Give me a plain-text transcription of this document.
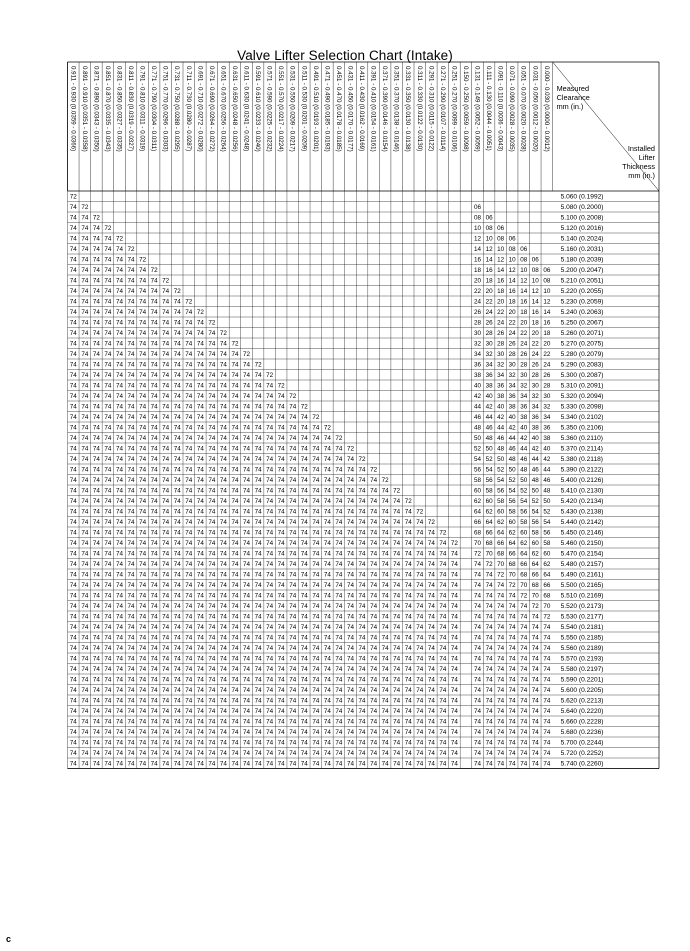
Valve Lifter Selection Chart (Intake)
0.000 - 0.030 (0.0000 - 0.0012)
0.031 - 0.050 (0.0012 - 0.0020)
0.051 - 0.070 (0.0020 - 0.0028)
0.071 - 0.090 (0.0028 - 0.0035)
0.091 - 0.110 (0.0036 - 0.0043)
0.111 - 0.130 (0.0044 - 0.0051)
0.131 - 0.149 (0.0052 - 0.0059)
0.150 - 0.250 (0.0059 - 0.0098)
0.251 - 0.270 (0.0099 - 0.0106)
0.271 - 0.290 (0.0107 - 0.0114)
0.291 - 0.310 (0.0115 - 0.0122)
0.311 - 0.330 (0.0122 - 0.0130)
0.331 - 0.350 (0.0130 - 0.0138)
0.351 - 0.370 (0.0138 - 0.0146)
0.371 - 0.390 (0.0146 - 0.0154)
0.391 - 0.410 (0.0154 - 0.0161)
0.411 - 0.430 (0.0162 - 0.0169)
0.431 - 0.450 (0.0170 - 0.0177)
0.451 - 0.470 (0.0178 - 0.0185)
0.471 - 0.490 (0.0185 - 0.0193)
0.491 - 0.510 (0.0193 - 0.0201)
0.511 - 0.530 (0.0201 - 0.0209)
0.531 - 0.550 (0.0209 - 0.0217)
0.551 - 0.570 (0.0217 - 0.0224)
0.571 - 0.590 (0.0225 - 0.0232)
0.591 - 0.610 (0.0233 - 0.0240)
0.611 - 0.630 (0.0241 - 0.0248)
0.631 - 0.650 (0.0248 - 0.0256)
0.651 - 0.670 (0.0256 - 0.0264)
0.671 - 0.690 (0.0264 - 0.0272)
0.691 - 0.710 (0.0272 - 0.0280)
0.711 - 0.730 (0.0280 - 0.0287)
0.731 - 0.750 (0.0288 - 0.0295)
0.751 - 0.770 (0.0296 - 0.0303)
0.771 - 0.790 (0.0304 - 0.0311)
0.791 - 0.810 (0.0311 - 0.0319)
0.811 - 0.830 (0.0319 - 0.0327)
0.831 - 0.850 (0.0327 - 0.0335)
0.851 - 0.870 (0.0335 - 0.0343)
0.871 - 0.890 (0.0343 - 0.0350)
0.891 - 0.910 (0.0351 - 0.0358)
0.911 - 0.930 (0.0359 - 0.0366)
5.060 (0.1992)
5.080 (0.2000)
5.100 (0.2008)
5.120 (0.2016)
5.140 (0.2024)
5.160 (0.2031)
5.180 (0.2039)
5.200 (0.2047)
5.210 (0.2051)
5.220 (0.2055)
5.230 (0.2059)
5.240 (0.2063)
5.250 (0.2067)
5.260 (0.2071)
5.270 (0.2075)
5.280 (0.2079)
5.290 (0.2083)
5.300 (0.2087)
5.310 (0.2091)
5.320 (0.2094)
5.330 (0.2098)
5.340 (0.2102)
5.350 (0.2106)
5.360 (0.2110)
5.370 (0.2114)
5.380 (0.2118)
5.390 (0.2122)
5.400 (0.2126)
5.410 (0.2130)
5.420 (0.2134)
5.430 (0.2138)
5.440 (0.2142)
5.450 (0.2146)
5.460 (0.2150)
5.470 (0.2154)
5.480 (0.2157)
5.490 (0.2161)
5.500 (0.2165)
5.510 (0.2169)
5.520 (0.2173)
5.530 (0.2177)
5.540 (0.2181)
5.550 (0.2185)
5.560 (0.2189)
5.570 (0.2193)
5.580 (0.2197)
5.590 (0.2201)
5.600 (0.2205)
5.620 (0.2213)
5.640 (0.2220)
5.660 (0.2228)
5.680 (0.2236)
5.700 (0.2244)
5.720 (0.2252)
5.740 (0.2260)
72
06
72
74
06
08
72
74
74
06
08
10
72
74
74
74
06
08
10
12
72
74
74
74
74
06
08
10
12
14
72
74
74
74
74
74
06
08
10
12
14
16
72
74
74
74
74
74
74
06
08
10
12
14
16
18
72
74
74
74
74
74
74
74
08
10
12
14
16
18
20
72
74
74
74
74
74
74
74
74
10
12
14
16
18
20
22
72
74
74
74
74
74
74
74
74
74
12
14
16
18
20
22
24
72
74
74
74
74
74
74
74
74
74
74
14
16
18
20
22
24
26
72
74
74
74
74
74
74
74
74
74
74
74
16
18
20
22
24
26
28
72
74
74
74
74
74
74
74
74
74
74
74
74
18
20
22
24
26
28
30
72
74
74
74
74
74
74
74
74
74
74
74
74
74
20
22
24
26
28
30
32
72
74
74
74
74
74
74
74
74
74
74
74
74
74
74
22
24
26
28
30
32
34
72
74
74
74
74
74
74
74
74
74
74
74
74
74
74
74
24
26
28
30
32
34
36
72
74
74
74
74
74
74
74
74
74
74
74
74
74
74
74
74
26
28
30
32
34
36
38
72
74
74
74
74
74
74
74
74
74
74
74
74
74
74
74
74
74
28
30
32
34
36
38
40
72
74
74
74
74
74
74
74
74
74
74
74
74
74
74
74
74
74
74
30
32
34
36
38
40
42
72
74
74
74
74
74
74
74
74
74
74
74
74
74
74
74
74
74
74
74
32
34
36
38
40
42
44
72
74
74
74
74
74
74
74
74
74
74
74
74
74
74
74
74
74
74
74
74
34
36
38
40
42
44
46
72
74
74
74
74
74
74
74
74
74
74
74
74
74
74
74
74
74
74
74
74
74
36
38
40
42
44
46
48
72
74
74
74
74
74
74
74
74
74
74
74
74
74
74
74
74
74
74
74
74
74
74
38
40
42
44
46
48
50
72
74
74
74
74
74
74
74
74
74
74
74
74
74
74
74
74
74
74
74
74
74
74
74
40
42
44
46
48
50
52
72
74
74
74
74
74
74
74
74
74
74
74
74
74
74
74
74
74
74
74
74
74
74
74
74
42
44
46
48
50
52
54
72
74
74
74
74
74
74
74
74
74
74
74
74
74
74
74
74
74
74
74
74
74
74
74
74
74
44
46
48
50
52
54
56
72
74
74
74
74
74
74
74
74
74
74
74
74
74
74
74
74
74
74
74
74
74
74
74
74
74
74
46
48
50
52
54
56
58
72
74
74
74
74
74
74
74
74
74
74
74
74
74
74
74
74
74
74
74
74
74
74
74
74
74
74
74
48
50
52
54
56
58
60
72
74
74
74
74
74
74
74
74
74
74
74
74
74
74
74
74
74
74
74
74
74
74
74
74
74
74
74
74
50
52
54
56
58
60
62
72
74
74
74
74
74
74
74
74
74
74
74
74
74
74
74
74
74
74
74
74
74
74
74
74
74
74
74
74
74
52
54
56
58
60
62
64
72
74
74
74
74
74
74
74
74
74
74
74
74
74
74
74
74
74
74
74
74
74
74
74
74
74
74
74
74
74
74
54
56
58
60
62
64
66
72
74
74
74
74
74
74
74
74
74
74
74
74
74
74
74
74
74
74
74
74
74
74
74
74
74
74
74
74
74
74
74
56
58
60
62
64
66
68
72
74
74
74
74
74
74
74
74
74
74
74
74
74
74
74
74
74
74
74
74
74
74
74
74
74
74
74
74
74
74
74
74
58
60
62
64
66
68
70
72
74
74
74
74
74
74
74
74
74
74
74
74
74
74
74
74
74
74
74
74
74
74
74
74
74
74
74
74
74
74
74
74
74
60
62
64
66
68
70
72
74
74
74
74
74
74
74
74
74
74
74
74
74
74
74
74
74
74
74
74
74
74
74
74
74
74
74
74
74
74
74
74
74
74
62
64
66
68
70
72
74
74
74
74
74
74
74
74
74
74
74
74
74
74
74
74
74
74
74
74
74
74
74
74
74
74
74
74
74
74
74
74
74
74
74
64
66
68
70
72
74
74
74
74
74
74
74
74
74
74
74
74
74
74
74
74
74
74
74
74
74
74
74
74
74
74
74
74
74
74
74
74
74
74
74
74
66
68
70
72
74
74
74
74
74
74
74
74
74
74
74
74
74
74
74
74
74
74
74
74
74
74
74
74
74
74
74
74
74
74
74
74
74
74
74
74
74
68
70
72
74
74
74
74
74
74
74
74
74
74
74
74
74
74
74
74
74
74
74
74
74
74
74
74
74
74
74
74
74
74
74
74
74
74
74
74
74
74
70
72
74
74
74
74
74
74
74
74
74
74
74
74
74
74
74
74
74
74
74
74
74
74
74
74
74
74
74
74
74
74
74
74
74
74
74
74
74
74
74
72
74
74
74
74
74
74
74
74
74
74
74
74
74
74
74
74
74
74
74
74
74
74
74
74
74
74
74
74
74
74
74
74
74
74
74
74
74
74
74
74
74
74
74
74
74
74
74
74
74
74
74
74
74
74
74
74
74
74
74
74
74
74
74
74
74
74
74
74
74
74
74
74
74
74
74
74
74
74
74
74
74
74
74
74
74
74
74
74
74
74
74
74
74
74
74
74
74
74
74
74
74
74
74
74
74
74
74
74
74
74
74
74
74
74
74
74
74
74
74
74
74
74
74
74
74
74
74
74
74
74
74
74
74
74
74
74
74
74
74
74
74
74
74
74
74
74
74
74
74
74
74
74
74
74
74
74
74
74
74
74
74
74
74
74
74
74
74
74
74
74
74
74
74
74
74
74
74
74
74
74
74
74
74
74
74
74
74
74
74
74
74
74
74
74
74
74
74
74
74
74
74
74
74
74
74
74
74
74
74
74
74
74
74
74
74
74
74
74
74
74
74
74
74
74
74
74
74
74
74
74
74
74
74
74
74
74
74
74
74
74
74
74
74
74
74
74
74
74
74
74
74
74
74
74
74
74
74
74
74
74
74
74
74
74
74
74
74
74
74
74
74
74
74
74
74
74
74
74
74
74
74
74
74
74
74
74
74
74
74
74
74
74
74
74
74
74
74
74
74
74
74
74
74
74
74
74
74
74
74
74
74
74
74
74
74
74
74
74
74
74
74
74
74
74
74
74
74
74
74
74
74
74
74
74
74
74
74
74
74
74
74
74
74
74
74
74
74
74
74
74
74
74
74
74
74
74
74
74
74
74
74
74
74
74
74
74
74
74
74
74
74
74
74
74
74
74
74
74
74
74
74
74
74
74
74
74
74
74
74
74
74
74
74
74
74
74
74
74
74
74
74
74
74
74
74
74
74
74
74
74
74
74
74
74
74
74
74
74
74
74
74
74
74
74
74
74
74
74
74
74
74
74
74
74
74
74
74
74
74
74
74
74
74
74
74
74
74
74
74
74
74
74
74
74
74
74
74
74
74
74
74
74
74
74
74
74
74
74
74
74
74
74
74
74
74
74
74
74
74
74
74
74
74
74
74
74
74
74
74
74
74
74
74
74
74
74
74
74
74
74
74
74
74
74
74
74
74
74
74
74
74
74
74
74
74
74
74
74
74
74
74
74
74
74
74
74
74
74
74
74
74
74
74
74
74
74
74
74
74
74
74
74
74
74
74
74
74
74
74
74
74
74
74
74
74
74
74
74
74
74
74
74
74
74
74
74
74
74
74
74
74
74
74
74
74
74
74
74
74
74
74
74
74
74
74
74
74
74
74
74
74
74
74
74
74
74
74
74
74
74
74
74
74
74
74
74
74
74
74
74
74
74
74
74
Measured
Clearance
mm (in.)
Installed
Lifter
Thickness
mm (in.)
c
